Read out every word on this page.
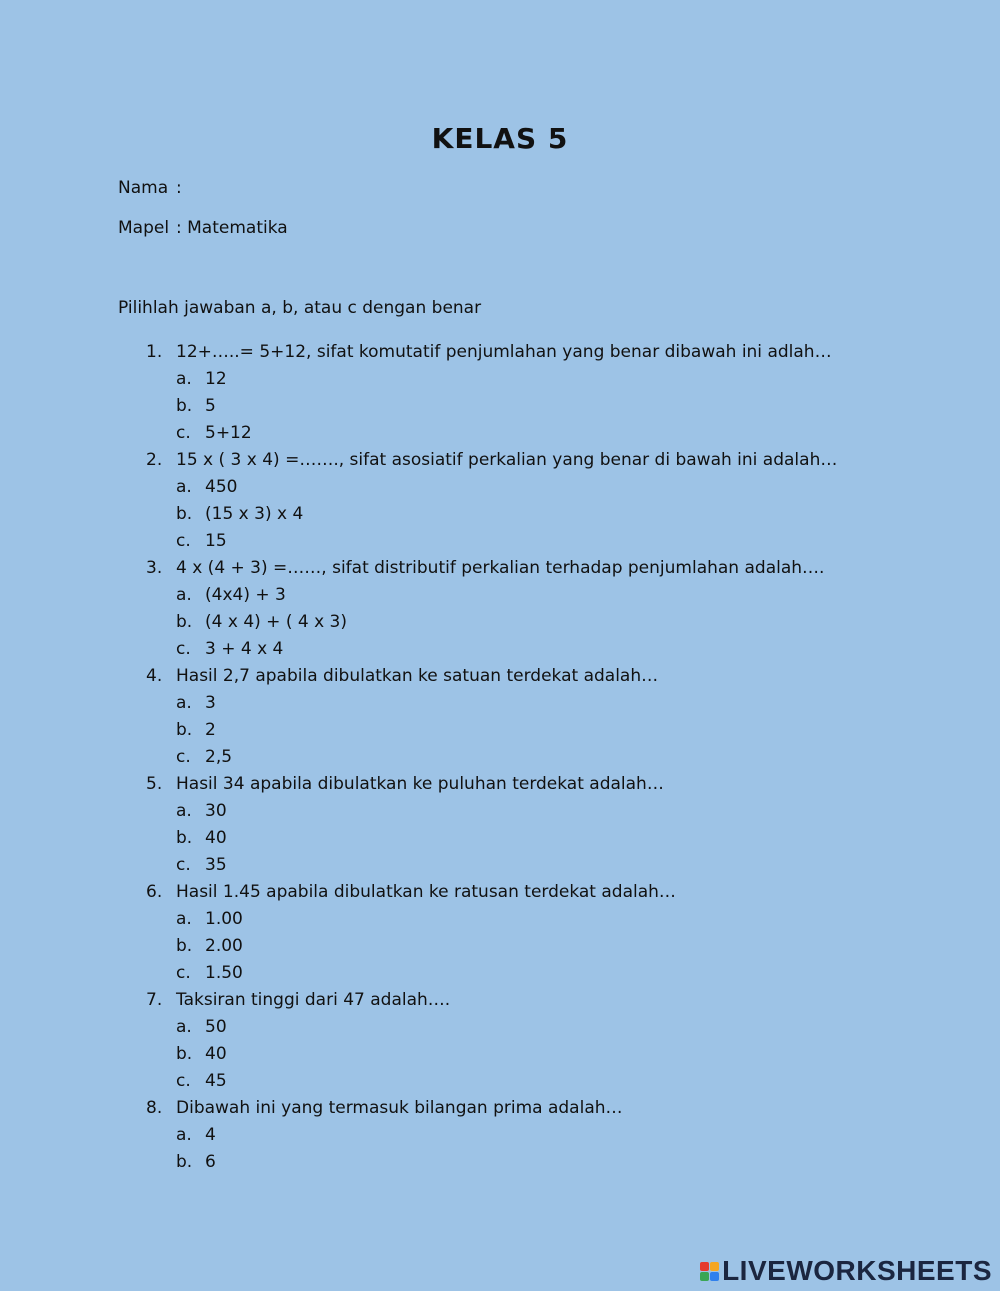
KELAS 5
Nama :
Mapel : Matematika
Pilihlah jawaban a, b, atau c dengan benar
1. 12+…..= 5+12, sifat komutatif penjumlahan yang benar dibawah ini adlah…
a. 12
b. 5
c. 5+12
2. 15 x ( 3 x 4) =……., sifat asosiatif perkalian yang benar di bawah ini adalah…
a. 450
b. (15 x 3) x 4
c. 15
3. 4 x (4 + 3) =……, sifat distributif perkalian terhadap penjumlahan adalah….
a. (4x4) + 3
b. (4 x 4) + ( 4 x 3)
c. 3 + 4 x 4
4. Hasil 2,7 apabila dibulatkan ke satuan terdekat adalah…
a. 3
b. 2
c. 2,5
5. Hasil 34 apabila dibulatkan ke puluhan terdekat adalah…
a. 30
b. 40
c. 35
6. Hasil 1.45 apabila dibulatkan ke ratusan terdekat adalah…
a. 1.00
b. 2.00
c. 1.50
7. Taksiran tinggi dari 47 adalah….
a. 50
b. 40
c. 45
8. Dibawah ini yang termasuk bilangan prima adalah…
a. 4
b. 6
LIVEWORKSHEETS
